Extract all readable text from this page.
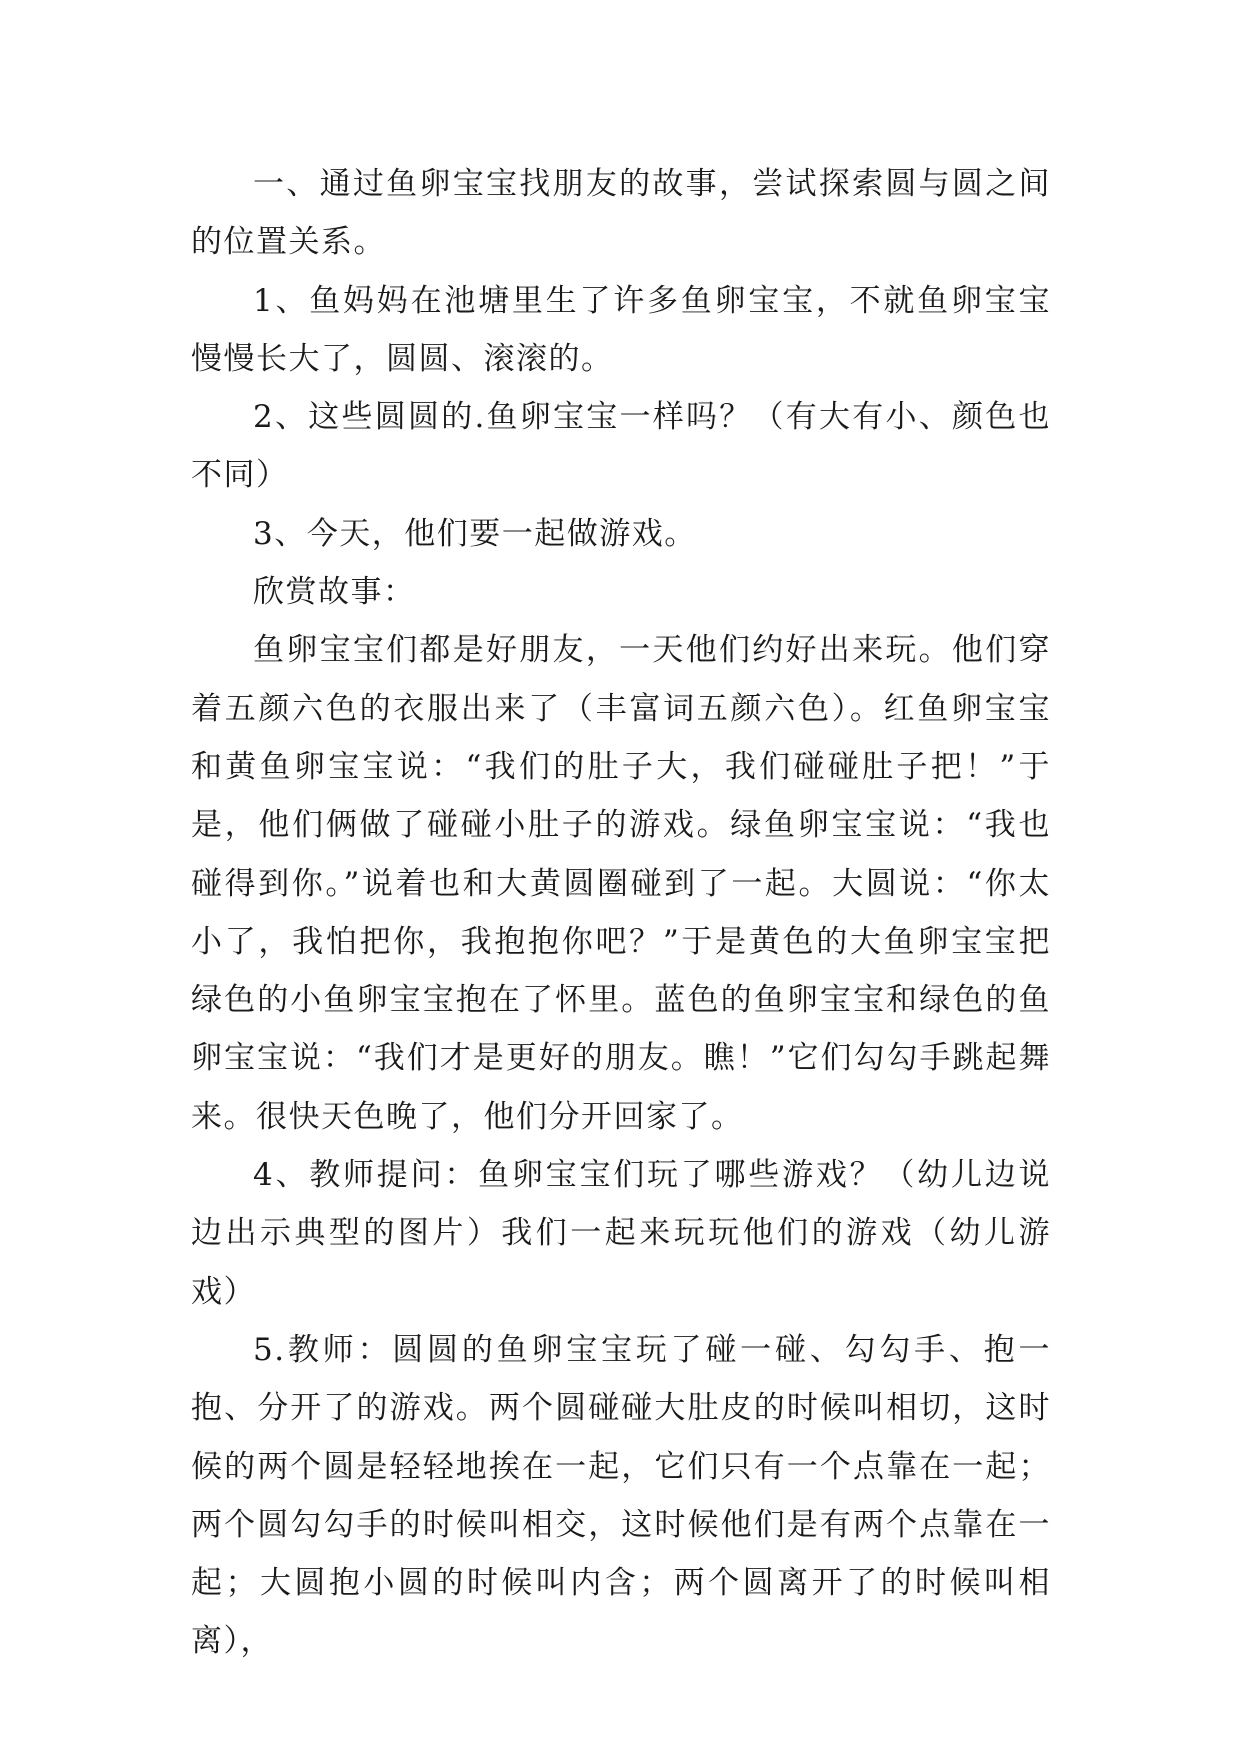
一、通过鱼卵宝宝找朋友的故事，尝试探索圆与圆之间的位置关系。

1、鱼妈妈在池塘里生了许多鱼卵宝宝，不就鱼卵宝宝慢慢长大了，圆圆、滚滚的。

2、这些圆圆的.鱼卵宝宝一样吗？（有大有小、颜色也不同）

3、今天，他们要一起做游戏。

欣赏故事：

鱼卵宝宝们都是好朋友，一天他们约好出来玩。他们穿着五颜六色的衣服出来了（丰富词五颜六色）。红鱼卵宝宝和黄鱼卵宝宝说：“我们的肚子大，我们碰碰肚子把！”于是，他们俩做了碰碰小肚子的游戏。绿鱼卵宝宝说：“我也碰得到你。”说着也和大黄圆圈碰到了一起。大圆说：“你太小了，我怕把你，我抱抱你吧？”于是黄色的大鱼卵宝宝把绿色的小鱼卵宝宝抱在了怀里。蓝色的鱼卵宝宝和绿色的鱼卵宝宝说：“我们才是更好的朋友。瞧！”它们勾勾手跳起舞来。很快天色晚了，他们分开回家了。

4、教师提问：鱼卵宝宝们玩了哪些游戏？（幼儿边说边出示典型的图片）我们一起来玩玩他们的游戏（幼儿游戏）

5.教师：圆圆的鱼卵宝宝玩了碰一碰、勾勾手、抱一抱、分开了的游戏。两个圆碰碰大肚皮的时候叫相切，这时候的两个圆是轻轻地挨在一起，它们只有一个点靠在一起；两个圆勾勾手的时候叫相交，这时候他们是有两个点靠在一起；大圆抱小圆的时候叫内含；两个圆离开了的时候叫相离），
